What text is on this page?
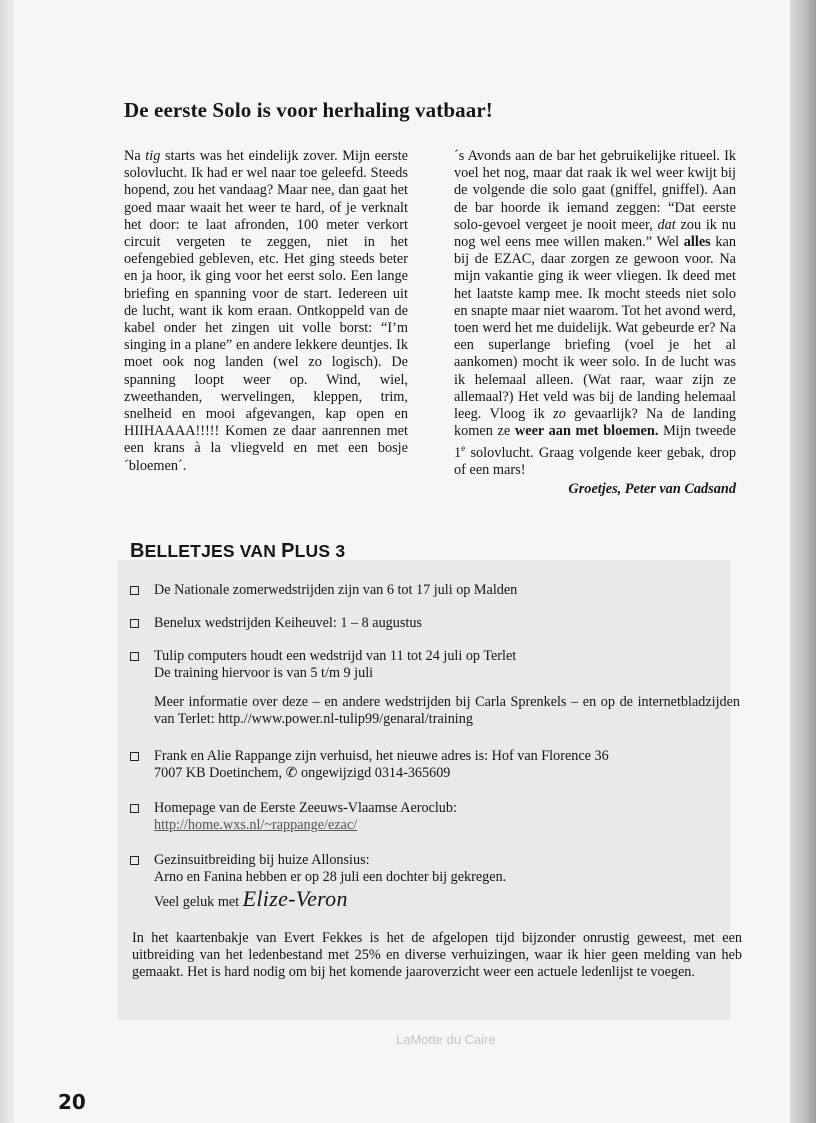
De eerste Solo is voor herhaling vatbaar!

Na tig starts was het eindelijk zover. Mijn eerste solovlucht. Ik had er wel naar toe geleefd. Steeds hopend, zou het vandaag? Maar nee, dan gaat het goed maar waait het weer te hard, of je verknalt het door: te laat afronden, 100 meter verkort circuit vergeten te zeggen, niet in het oefengebied gebleven, etc. Het ging steeds beter en ja hoor, ik ging voor het eerst solo. Een lange briefing en spanning voor de start. Iedereen uit de lucht, want ik kom eraan. Ontkoppeld van de kabel onder het zingen uit volle borst: “I’m singing in a plane” en andere lekkere deuntjes. Ik moet ook nog landen (wel zo logisch). De spanning loopt weer op. Wind, wiel, zweethanden, wervelingen, kleppen, trim, snelheid en mooi afgevangen, kap open en HIIHAAAA!!!!! Komen ze daar aanrennen met een krans à la vliegveld en met een bosje ´bloemen´.

´s Avonds aan de bar het gebruikelijke ritueel. Ik voel het nog, maar dat raak ik wel weer kwijt bij de volgende die solo gaat (gniffel, gniffel). Aan de bar hoorde ik iemand zeggen: “Dat eerste solo-gevoel vergeet je nooit meer, dat zou ik nu nog wel eens mee willen maken.” Wel alles kan bij de EZAC, daar zorgen ze gewoon voor. Na mijn vakantie ging ik weer vliegen. Ik deed met het laatste kamp mee. Ik mocht steeds niet solo en snapte maar niet waarom. Tot het avond werd, toen werd het me duidelijk. Wat gebeurde er? Na een superlange briefing (voel je het al aankomen) mocht ik weer solo. In de lucht was ik helemaal alleen. (Wat raar, waar zijn ze allemaal?) Het veld was bij de landing helemaal leeg. Vloog ik zo gevaarlijk? Na de landing komen ze weer aan met bloemen. Mijn tweede 1e solovlucht. Graag volgende keer gebak, drop of een mars!

Groetjes, Peter van Cadsand
BELLETJES VAN PLUS 3
De Nationale zomerwedstrijden zijn van 6 tot 17 juli op Malden
Benelux wedstrijden Keiheuvel: 1 – 8 augustus
Tulip computers houdt een wedstrijd van 11 tot 24 juli op Terlet
De training hiervoor is van 5 t/m 9 juli
Meer informatie over deze – en andere wedstrijden bij Carla Sprenkels – en op de internetbladzijden van Terlet: http.//www.power.nl-tulip99/genaral/training
Frank en Alie Rappange zijn verhuisd, het nieuwe adres is: Hof van Florence 36
7007 KB Doetinchem, ✆ ongewijzigd 0314-365609
Homepage van de Eerste Zeeuws-Vlaamse Aeroclub:
http://home.wxs.nl/~rappange/ezac/
Gezinsuitbreiding bij huize Allonsius:
Arno en Fanina hebben er op 28 juli een dochter bij gekregen.
Veel geluk met Elize-Veron
In het kaartenbakje van Evert Fekkes is het de afgelopen tijd bijzonder onrustig geweest, met een uitbreiding van het ledenbestand met 25% en diverse verhuizingen, waar ik hier geen melding van heb gemaakt. Het is hard nodig om bij het komende jaaroverzicht weer een actuele ledenlijst te voegen.
LaMotte du Caire
20
